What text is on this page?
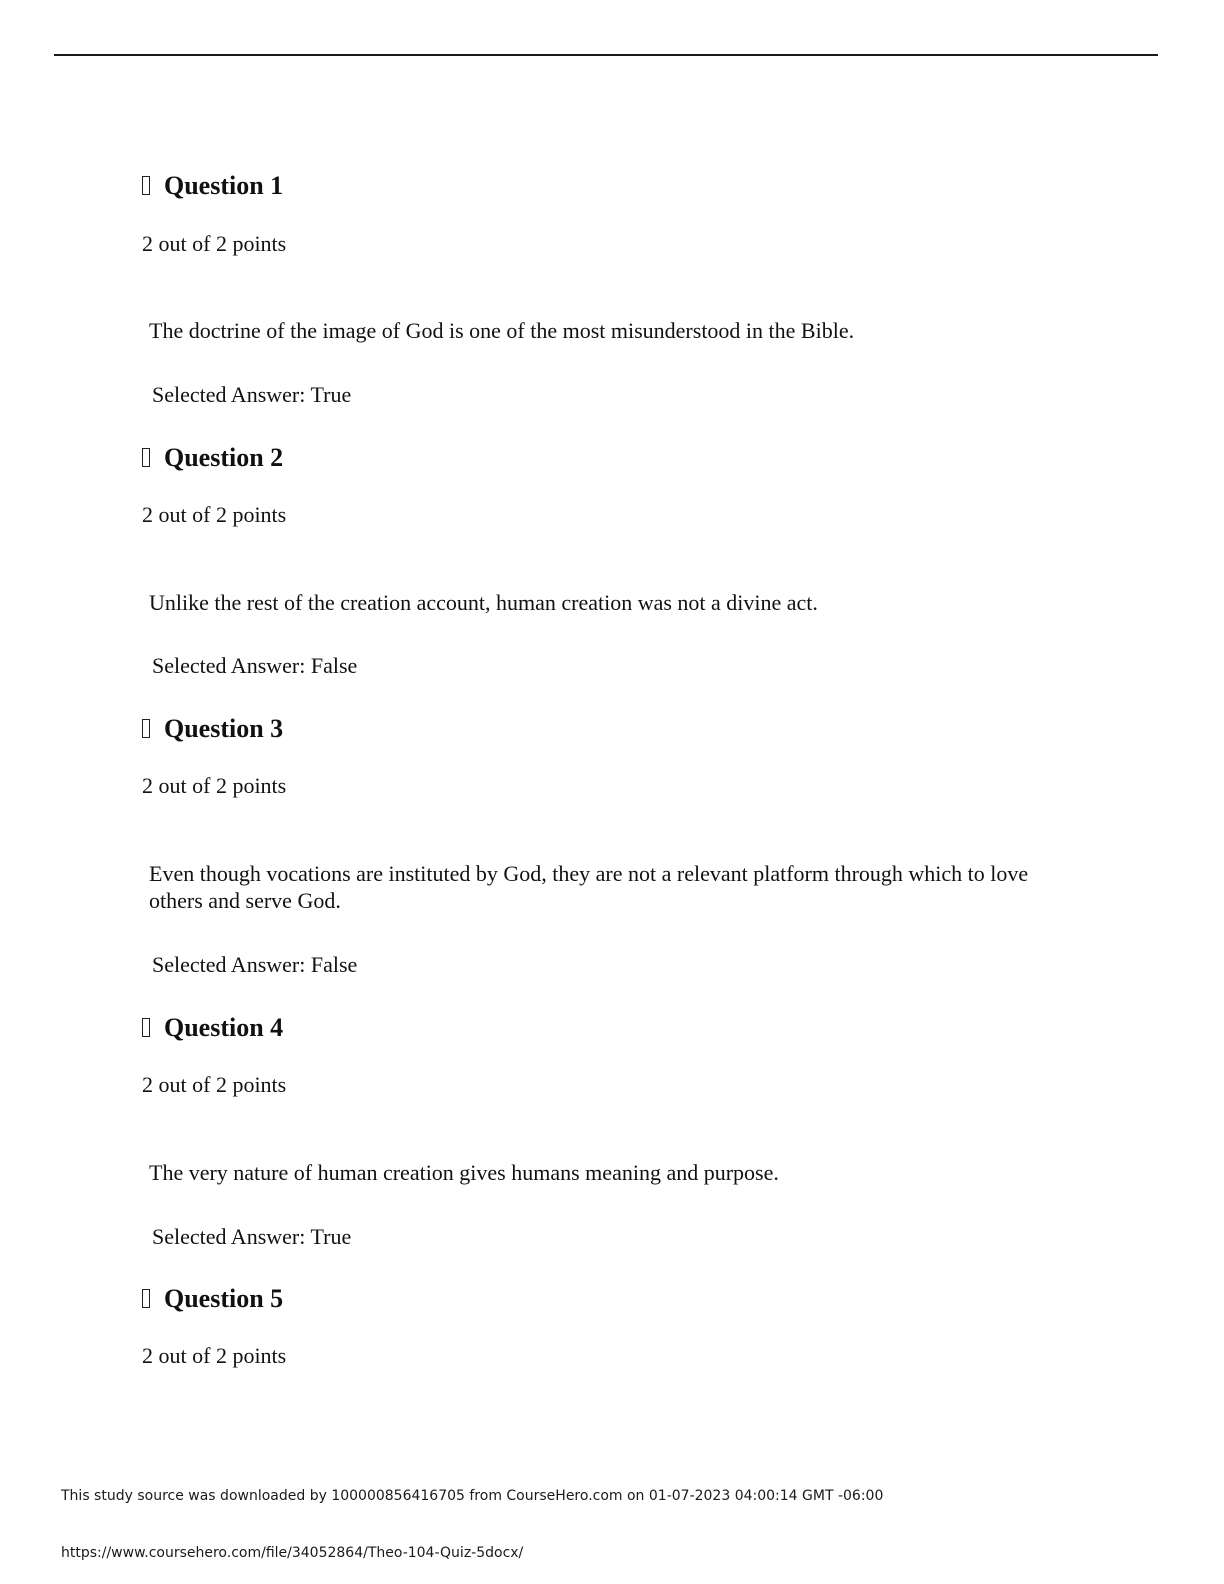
Question 1
2 out of 2 points
The doctrine of the image of God is one of the most misunderstood in the Bible.
Selected Answer: True
Question 2
2 out of 2 points
Unlike the rest of the creation account, human creation was not a divine act.
Selected Answer: False
Question 3
2 out of 2 points
Even though vocations are instituted by God, they are not a relevant platform through which to love others and serve God.
Selected Answer: False
Question 4
2 out of 2 points
The very nature of human creation gives humans meaning and purpose.
Selected Answer: True
Question 5
2 out of 2 points
This study source was downloaded by 100000856416705 from CourseHero.com on 01-07-2023 04:00:14 GMT -06:00
https://www.coursehero.com/file/34052864/Theo-104-Quiz-5docx/
